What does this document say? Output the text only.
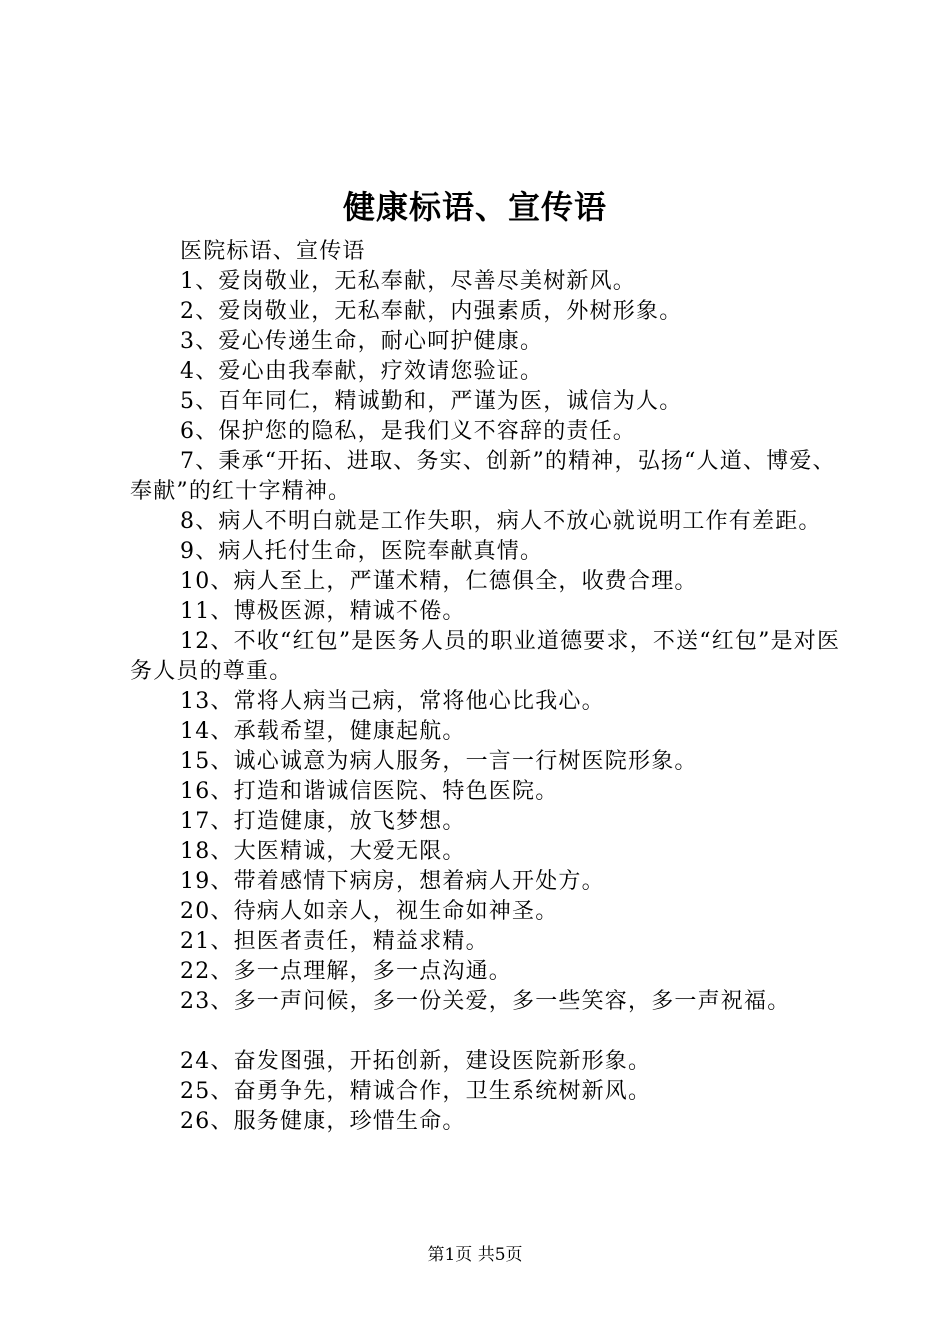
健康标语、宣传语

医院标语、宣传语

1、爱岗敬业，无私奉献，尽善尽美树新风。

2、爱岗敬业，无私奉献，内强素质，外树形象。

3、爱心传递生命，耐心呵护健康。

4、爱心由我奉献，疗效请您验证。

5、百年同仁，精诚勤和，严谨为医，诚信为人。

6、保护您的隐私，是我们义不容辞的责任。

7、秉承“开拓、进取、务实、创新”的精神，弘扬“人道、博爱、奉献”的红十字精神。

8、病人不明白就是工作失职，病人不放心就说明工作有差距。

9、病人托付生命，医院奉献真情。

10、病人至上，严谨术精，仁德俱全，收费合理。

11、博极医源，精诚不倦。

12、不收“红包”是医务人员的职业道德要求，不送“红包”是对医务人员的尊重。

13、常将人病当己病，常将他心比我心。

14、承载希望，健康起航。

15、诚心诚意为病人服务，一言一行树医院形象。

16、打造和谐诚信医院、特色医院。

17、打造健康，放飞梦想。

18、大医精诚，大爱无限。

19、带着感情下病房，想着病人开处方。

20、待病人如亲人，视生命如神圣。

21、担医者责任，精益求精。

22、多一点理解，多一点沟通。

23、多一声问候，多一份关爱，多一些笑容，多一声祝福。

24、奋发图强，开拓创新，建设医院新形象。

25、奋勇争先，精诚合作，卫生系统树新风。

26、服务健康，珍惜生命。

第1页 共5页
